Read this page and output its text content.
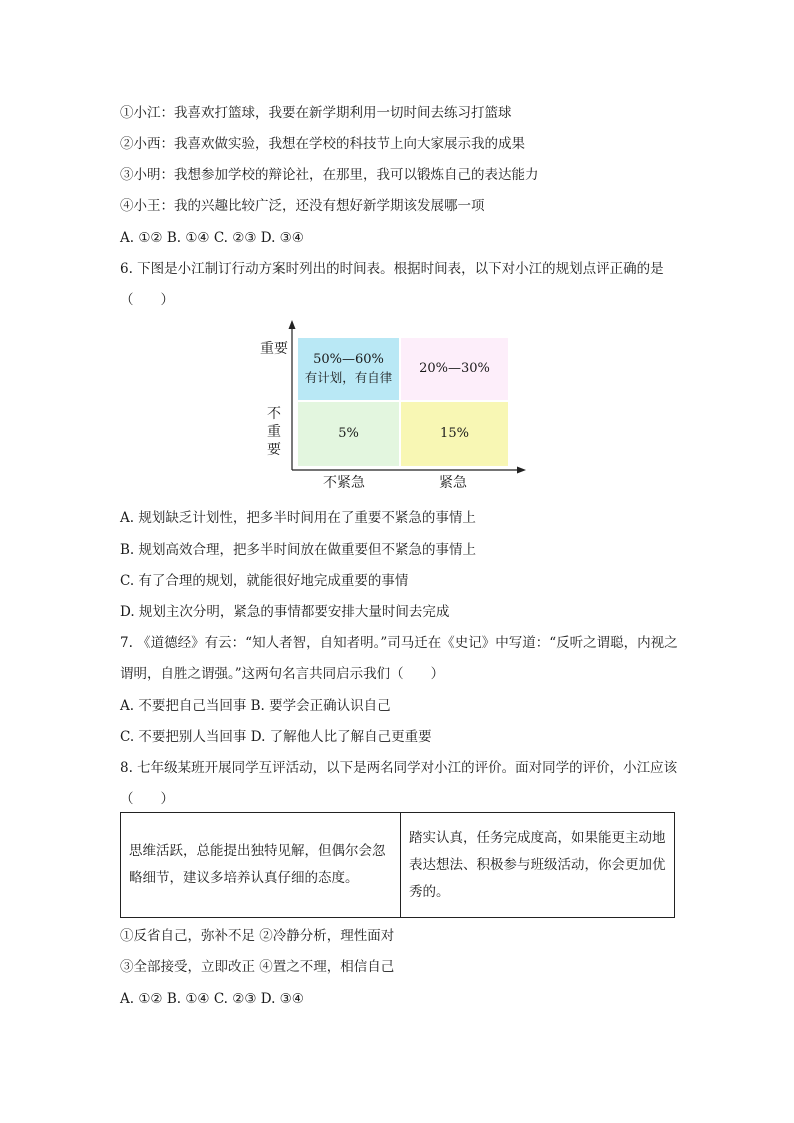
①小江：我喜欢打篮球，我要在新学期利用一切时间去练习打篮球
②小西：我喜欢做实验，我想在学校的科技节上向大家展示我的成果
③小明：我想参加学校的辩论社，在那里，我可以锻炼自己的表达能力
④小王：我的兴趣比较广泛，还没有想好新学期该发展哪一项
A. ①② B. ①④ C. ②③ D. ③④
6. 下图是小江制订行动方案时列出的时间表。根据时间表，以下对小江的规划点评正确的是（　　）
重要
不重要
50%—60%
有计划，有自律
20%—30%
5%	15%
不紧急	紧急
A. 规划缺乏计划性，把多半时间用在了重要不紧急的事情上
B. 规划高效合理，把多半时间放在做重要但不紧急的事情上
C. 有了合理的规划，就能很好地完成重要的事情
D. 规划主次分明，紧急的事情都要安排大量时间去完成
7. 《道德经》有云：“知人者智，自知者明。”司马迁在《史记》中写道：“反听之谓聪，内视之谓明，自胜之谓强。”这两句名言共同启示我们（　　）
A. 不要把自己当回事 B. 要学会正确认识自己
C. 不要把别人当回事 D. 了解他人比了解自己更重要
8. 七年级某班开展同学互评活动，以下是两名同学对小江的评价。面对同学的评价，小江应该（　　）
思维活跃，总能提出独特见解，但偶尔会忽略细节，建议多培养认真仔细的态度。
踏实认真，任务完成度高，如果能更主动地表达想法、积极参与班级活动，你会更加优秀的。
①反省自己，弥补不足 ②冷静分析，理性面对
③全部接受，立即改正 ④置之不理，相信自己
A. ①② B. ①④ C. ②③ D. ③④
